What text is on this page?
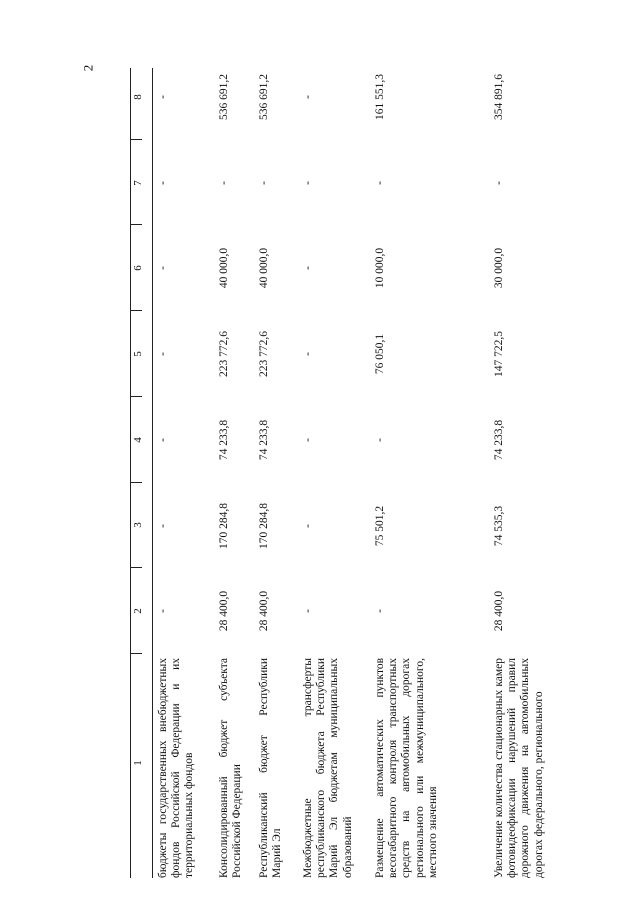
2
1
2
3
4
5
6
7
8
бюджеты государственных внебюджетных фондов Российской Федерации и их территориальных фондов
-
-
-
-
-
-
-
Консолидированный бюджет субъекта Российской Федерации
28 400,0
170 284,8
74 233,8
223 772,6
40 000,0
-
536 691,2
Республиканский бюджет Республики Марий Эл
28 400,0
170 284,8
74 233,8
223 772,6
40 000,0
-
536 691,2
Межбюджетные трансферты республиканского бюджета Республики Марий Эл бюджетам муниципальных образований
-
-
-
-
-
-
-
Размещение автоматических пунктов весогабаритного контроля транспортных средств на автомобильных дорогах регионального или межмуниципального, местного значения
-
75 501,2
-
76 050,1
10 000,0
-
161 551,3
Увеличение количества стационарных камер фотовидеофиксации нарушений правил дорожного движения на автомобильных дорогах федерального, регионального
28 400,0
74 535,3
74 233,8
147 722,5
30 000,0
-
354 891,6
